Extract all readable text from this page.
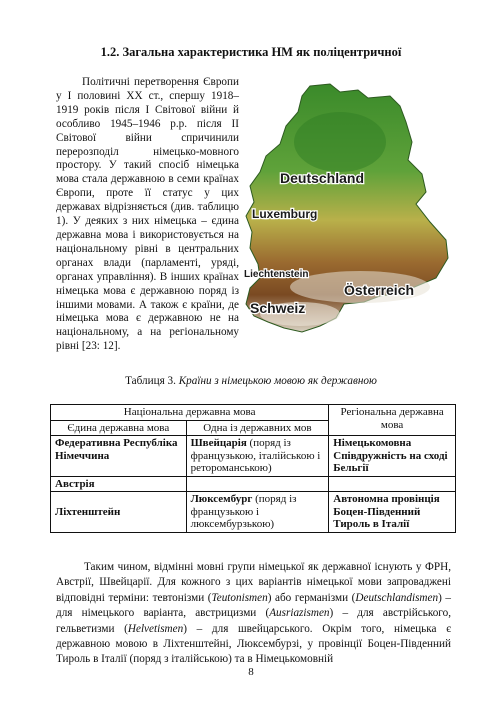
1.2. Загальна характеристика НМ як поліцентричної

Політичні перетворення Європи у I половині ХХ ст., спершу 1918–1919 років після I Світової війни й особливо 1945–1946 р.р. після ІІ Світової війни спричинили перерозподіл німецько-мовного простору. У такий спосіб німецька мова стала державною в семи країнах Європи, проте її статус у цих державах відрізняється (див. таблицю 1). У деяких з них німецька – єдина державна мова і використовується на національному рівні в центральних органах влади (парламенті, уряді, органах управління). В інших країнах німецька мова є державною поряд із іншими мовами. А також є країни, де німецька мова є державною не на національному, а на регіональному рівні [23: 12].

Deutschland
Luxemburg
Liechtenstein
Österreich
Schweiz
Таблиця 3. Країни з німецькою мовою як державною
Національна державна мова		Регіональна державна мова
Єдина державна мова	Одна із державних мов	
Федеративна Республіка Німеччина	Швейцарія (поряд із французькою, італійською і ретороманською)	Німецькомовна Співдружність на сході Бельгії
Австрія		
Ліхтенштейн	Люксембург (поряд із французькою і люксембурзькою)	Автономна провінція Боцен-Південний Тироль в Італії

Таким чином, відмінні мовні групи німецької як державної існують у ФРН, Австрії, Швейцарії. Для кожного з цих варіантів німецької мови запроваджені відповідні терміни: тевтонізми (Teutonismen) або германізми (Deutschlandismen) – для німецького варіанта, австрицизми (Ausriazismen) – для австрійського, гельветизми (Helvetismen) – для швейцарського. Окрім того, німецька є державною мовою в Ліхтенштейні, Люксембурзі, у провінції Боцен-Південний Тироль в Італії (поряд з італійською) та в Німецькомовній

8
